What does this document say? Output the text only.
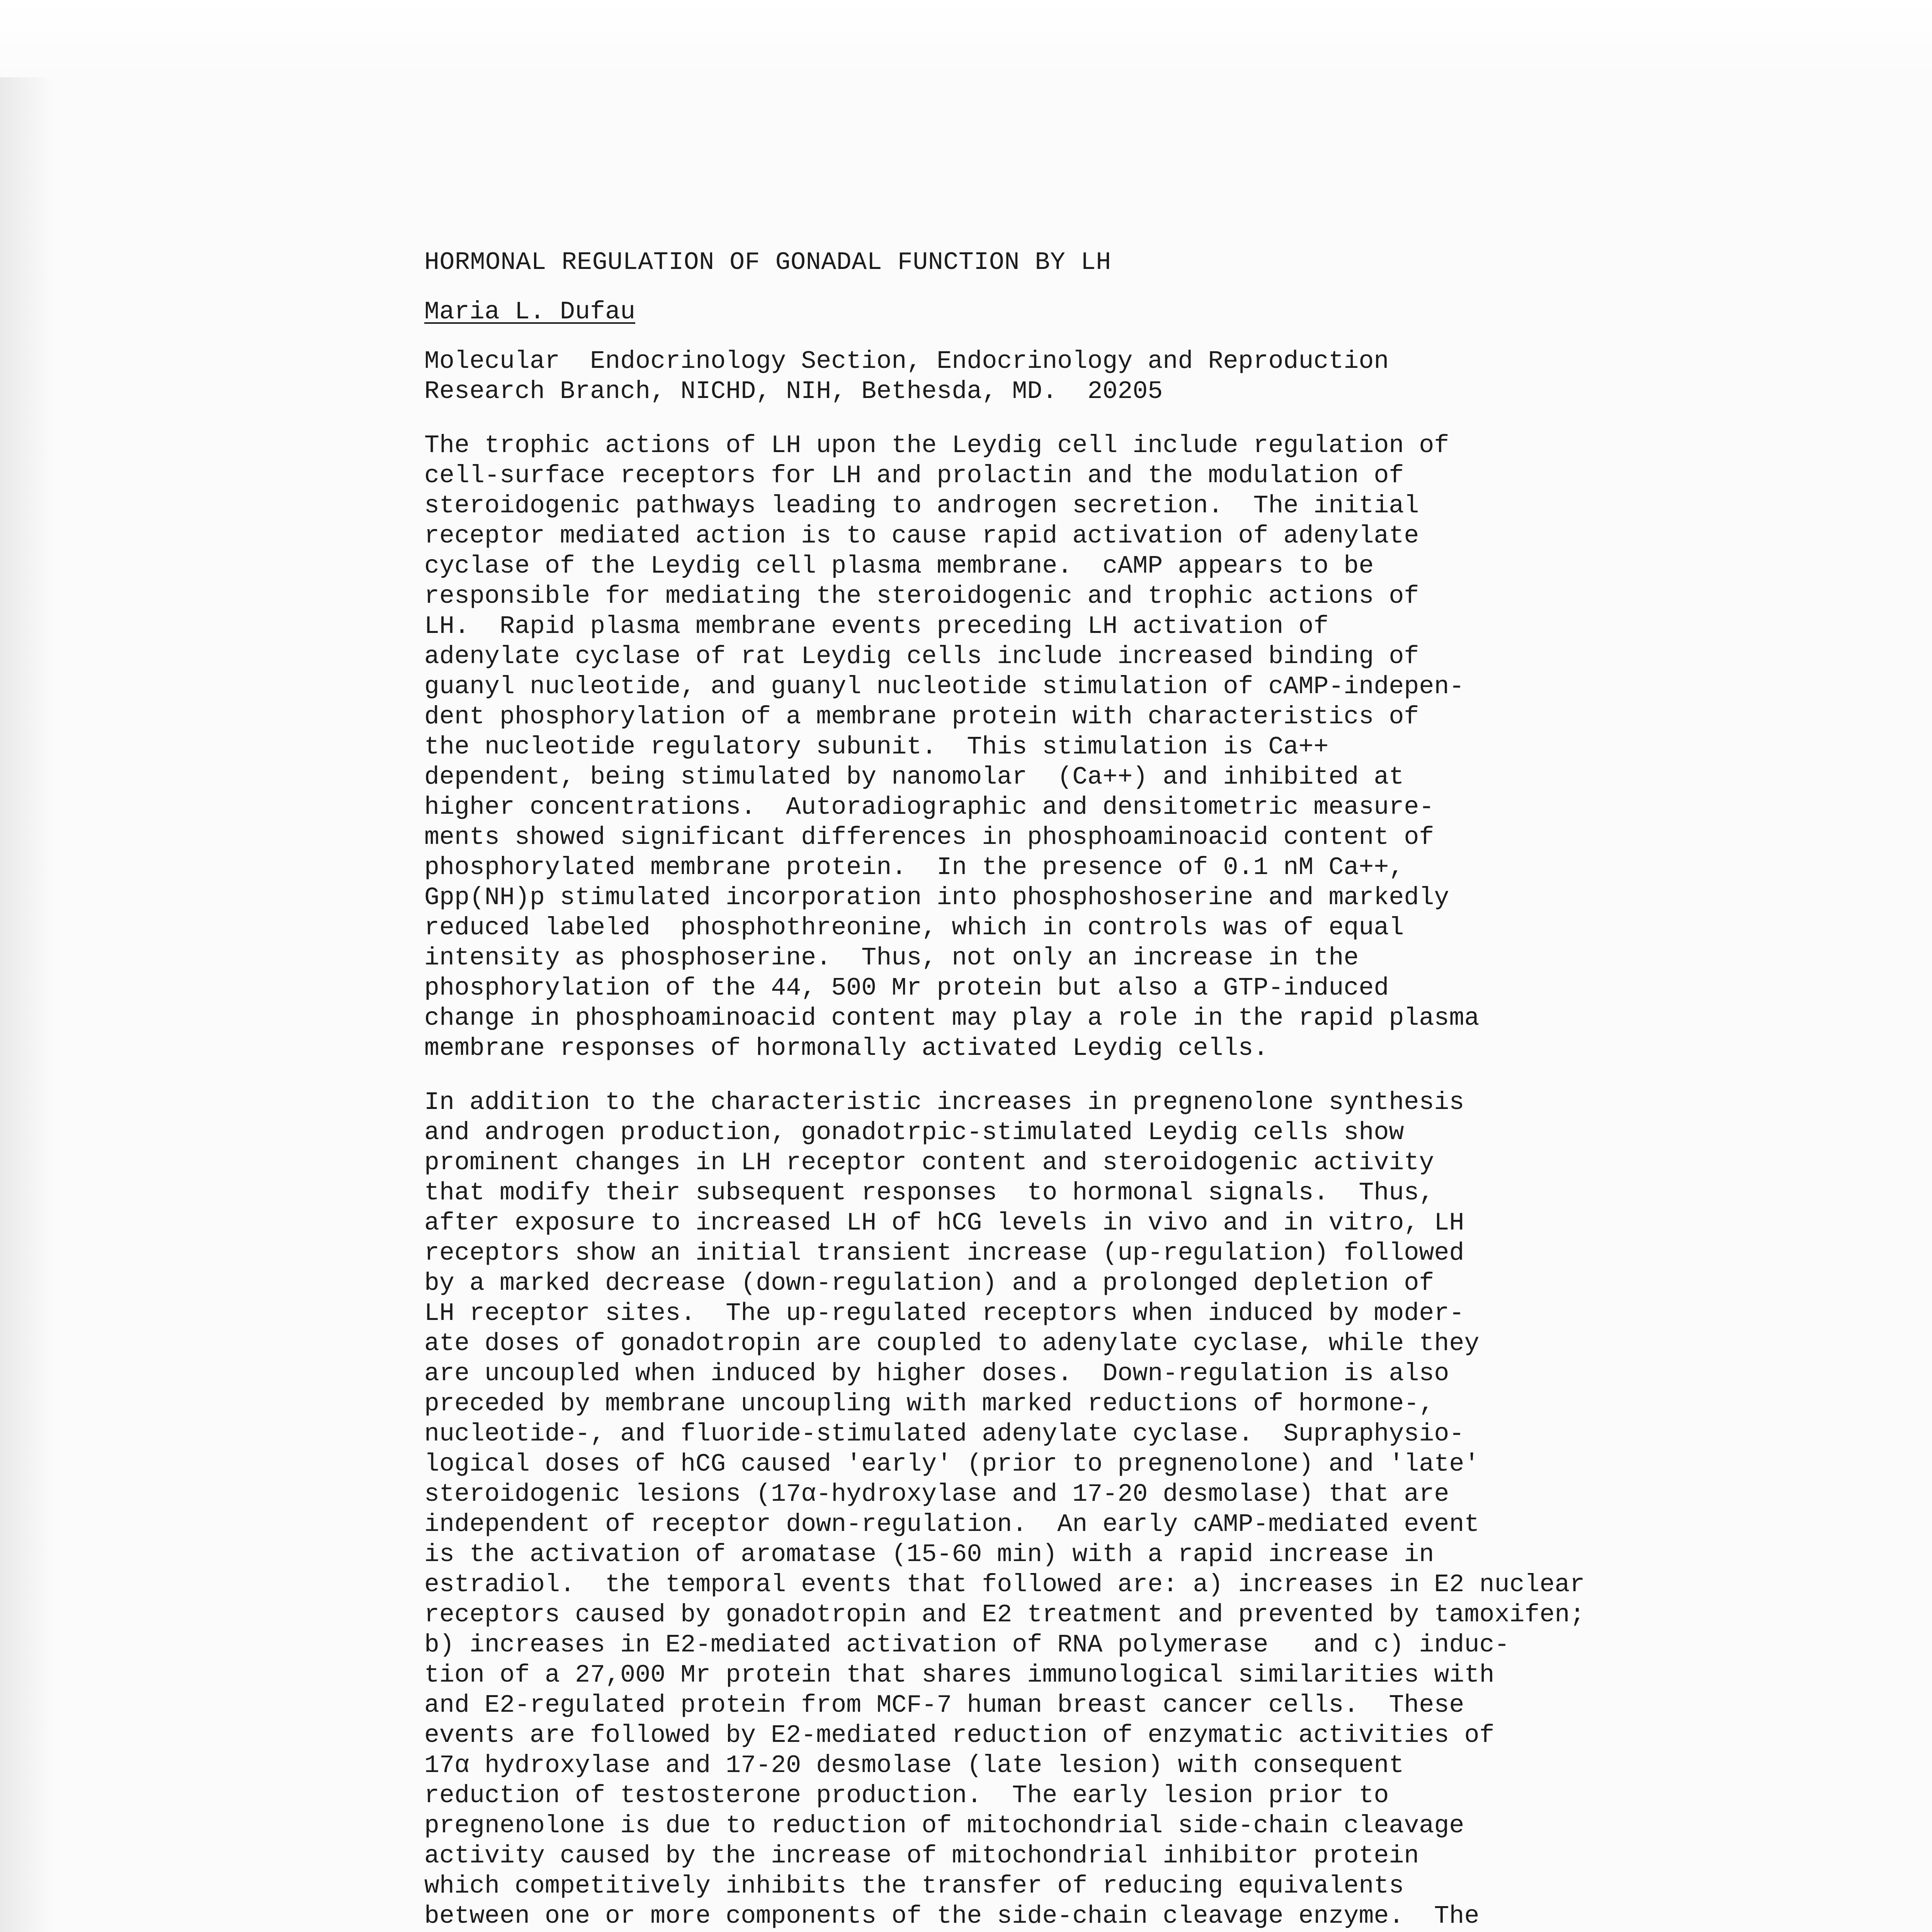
HORMONAL REGULATION OF GONADAL FUNCTION BY LH
Maria L. Dufau
Molecular  Endocrinology Section, Endocrinology and Reproduction
Research Branch, NICHD, NIH, Bethesda, MD.  20205
The trophic actions of LH upon the Leydig cell include regulation of
cell-surface receptors for LH and prolactin and the modulation of
steroidogenic pathways leading to androgen secretion.  The initial
receptor mediated action is to cause rapid activation of adenylate
cyclase of the Leydig cell plasma membrane.  cAMP appears to be
responsible for mediating the steroidogenic and trophic actions of
LH.  Rapid plasma membrane events preceding LH activation of
adenylate cyclase of rat Leydig cells include increased binding of
guanyl nucleotide, and guanyl nucleotide stimulation of cAMP-indepen-
dent phosphorylation of a membrane protein with characteristics of
the nucleotide regulatory subunit.  This stimulation is Ca++
dependent, being stimulated by nanomolar  (Ca++) and inhibited at
higher concentrations.  Autoradiographic and densitometric measure-
ments showed significant differences in phosphoaminoacid content of
phosphorylated membrane protein.  In the presence of 0.1 nM Ca++,
Gpp(NH)p stimulated incorporation into phosphoshoserine and markedly
reduced labeled  phosphothreonine, which in controls was of equal
intensity as phosphoserine.  Thus, not only an increase in the
phosphorylation of the 44, 500 Mr protein but also a GTP-induced
change in phosphoaminoacid content may play a role in the rapid plasma
membrane responses of hormonally activated Leydig cells.
In addition to the characteristic increases in pregnenolone synthesis
and androgen production, gonadotrpic-stimulated Leydig cells show
prominent changes in LH receptor content and steroidogenic activity
that modify their subsequent responses  to hormonal signals.  Thus,
after exposure to increased LH of hCG levels in vivo and in vitro, LH
receptors show an initial transient increase (up-regulation) followed
by a marked decrease (down-regulation) and a prolonged depletion of
LH receptor sites.  The up-regulated receptors when induced by moder-
ate doses of gonadotropin are coupled to adenylate cyclase, while they
are uncoupled when induced by higher doses.  Down-regulation is also
preceded by membrane uncoupling with marked reductions of hormone-,
nucleotide-, and fluoride-stimulated adenylate cyclase.  Supraphysio-
logical doses of hCG caused 'early' (prior to pregnenolone) and 'late'
steroidogenic lesions (17α-hydroxylase and 17-20 desmolase) that are
independent of receptor down-regulation.  An early cAMP-mediated event
is the activation of aromatase (15-60 min) with a rapid increase in
estradiol.  the temporal events that followed are: a) increases in E2 nuclear
receptors caused by gonadotropin and E2 treatment and prevented by tamoxifen;
b) increases in E2-mediated activation of RNA polymerase   and c) induc-
tion of a 27,000 Mr protein that shares immunological similarities with
and E2-regulated protein from MCF-7 human breast cancer cells.  These
events are followed by E2-mediated reduction of enzymatic activities of
17α hydroxylase and 17-20 desmolase (late lesion) with consequent
reduction of testosterone production.  The early lesion prior to
pregnenolone is due to reduction of mitochondrial side-chain cleavage
activity caused by the increase of mitochondrial inhibitor protein
which competitively inhibits the transfer of reducing equivalents
between one or more components of the side-chain cleavage enzyme.  The
